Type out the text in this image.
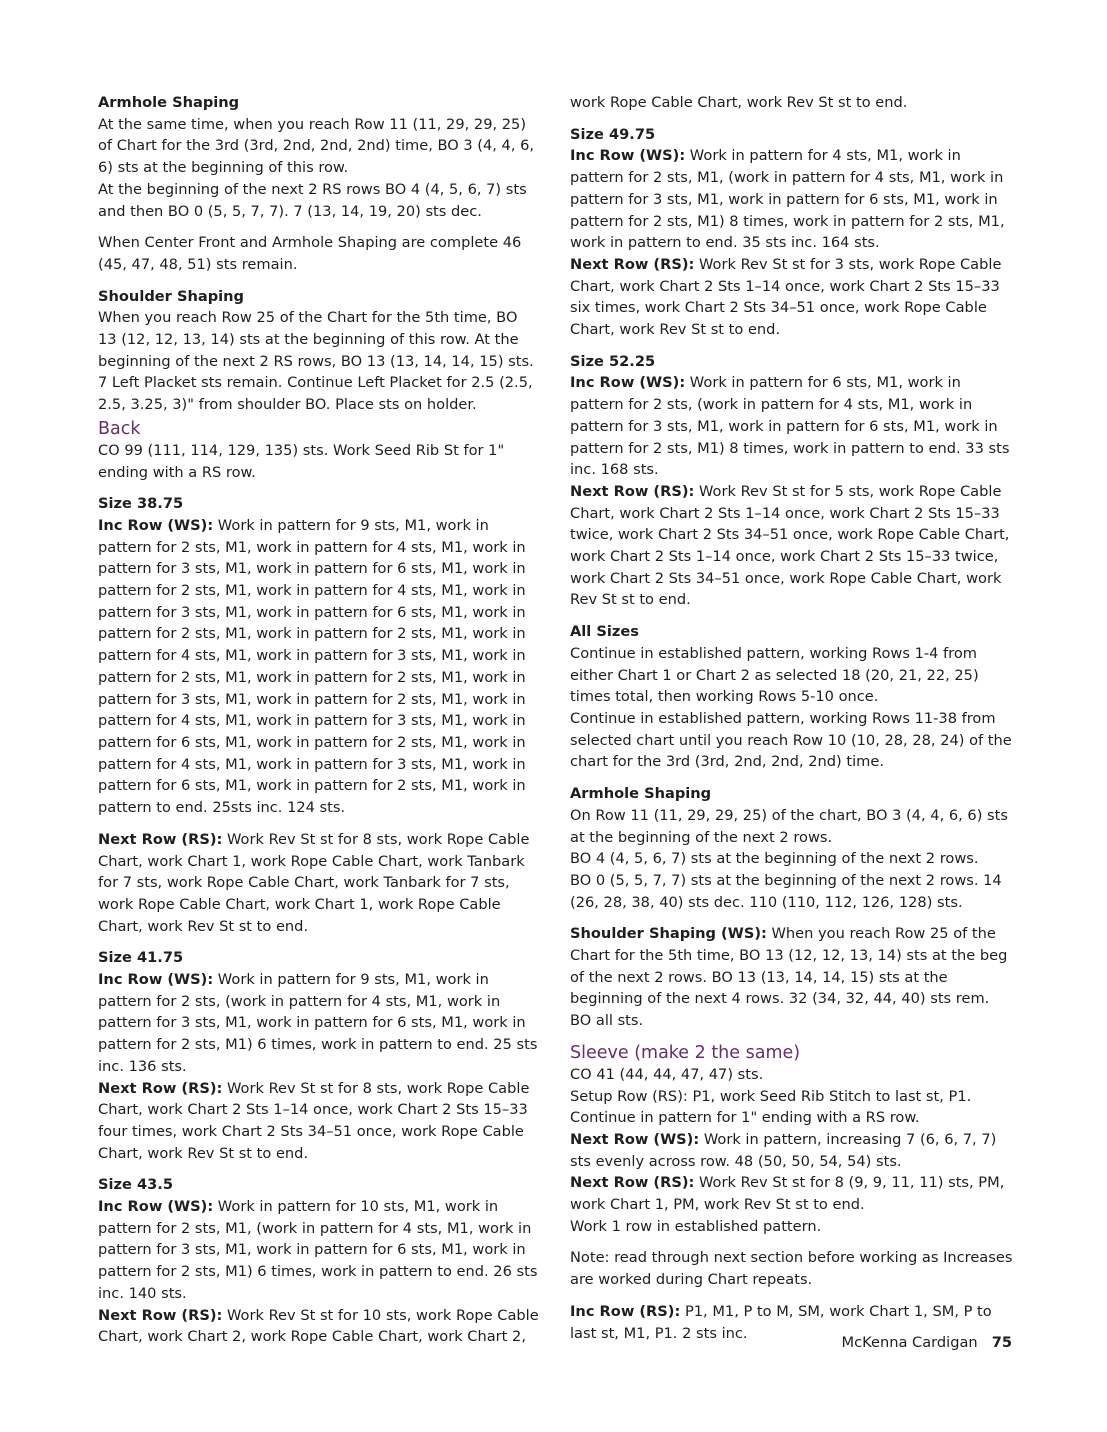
Armhole Shaping
At the same time, when you reach Row 11 (11, 29, 29, 25) of Chart for the 3rd (3rd, 2nd, 2nd, 2nd) time, BO 3 (4, 4, 6, 6) sts at the beginning of this row.
At the beginning of the next 2 RS rows BO 4 (4, 5, 6, 7) sts and then BO 0 (5, 5, 7, 7). 7 (13, 14, 19, 20) sts dec.
When Center Front and Armhole Shaping are complete 46 (45, 47, 48, 51) sts remain.
Shoulder Shaping
When you reach Row 25 of the Chart for the 5th time, BO 13 (12, 12, 13, 14) sts at the beginning of this row. At the beginning of the next 2 RS rows, BO 13 (13, 14, 14, 15) sts. 7 Left Placket sts remain. Continue Left Placket for 2.5 (2.5, 2.5, 3.25, 3)" from shoulder BO. Place sts on holder.
Back
CO 99 (111, 114, 129, 135) sts. Work Seed Rib St for 1" ending with a RS row.
Size 38.75
Inc Row (WS): Work in pattern for 9 sts, M1, work in pattern for 2 sts, M1, work in pattern for 4 sts, M1, work in pattern for 3 sts, M1, work in pattern for 6 sts, M1, work in pattern for 2 sts, M1, work in pattern for 4 sts, M1, work in pattern for 3 sts, M1, work in pattern for 6 sts, M1, work in pattern for 2 sts, M1, work in pattern for 2 sts, M1, work in pattern for 4 sts, M1, work in pattern for 3 sts, M1, work in pattern for 2 sts, M1, work in pattern for 2 sts, M1, work in pattern for 3 sts, M1, work in pattern for 2 sts, M1, work in pattern for 4 sts, M1, work in pattern for 3 sts, M1, work in pattern for 6 sts, M1, work in pattern for 2 sts, M1, work in pattern for 4 sts, M1, work in pattern for 3 sts, M1, work in pattern for 6 sts, M1, work in pattern for 2 sts, M1, work in pattern to end. 25sts inc. 124 sts.
Next Row (RS): Work Rev St st for 8 sts, work Rope Cable Chart, work Chart 1, work Rope Cable Chart, work Tanbark for 7 sts, work Rope Cable Chart, work Tanbark for 7 sts, work Rope Cable Chart, work Chart 1, work Rope Cable Chart, work Rev St st to end.
Size 41.75
Inc Row (WS): Work in pattern for 9 sts, M1, work in pattern for 2 sts, (work in pattern for 4 sts, M1, work in pattern for 3 sts, M1, work in pattern for 6 sts, M1, work in pattern for 2 sts, M1) 6 times, work in pattern to end. 25 sts inc. 136 sts.
Next Row (RS): Work Rev St st for 8 sts, work Rope Cable Chart, work Chart 2 Sts 1–14 once, work Chart 2 Sts 15–33 four times, work Chart 2 Sts 34–51 once, work Rope Cable Chart, work Rev St st to end.
Size 43.5
Inc Row (WS): Work in pattern for 10 sts, M1, work in pattern for 2 sts, M1, (work in pattern for 4 sts, M1, work in pattern for 3 sts, M1, work in pattern for 6 sts, M1, work in pattern for 2 sts, M1) 6 times, work in pattern to end. 26 sts inc. 140 sts.
Next Row (RS): Work Rev St st for 10 sts, work Rope Cable Chart, work Chart 2, work Rope Cable Chart, work Chart 2,
work Rope Cable Chart, work Rev St st to end.
Size 49.75
Inc Row (WS): Work in pattern for 4 sts, M1, work in pattern for 2 sts, M1, (work in pattern for 4 sts, M1, work in pattern for 3 sts, M1, work in pattern for 6 sts, M1, work in pattern for 2 sts, M1) 8 times, work in pattern for 2 sts, M1, work in pattern to end. 35 sts inc. 164 sts.
Next Row (RS): Work Rev St st for 3 sts, work Rope Cable Chart, work Chart 2 Sts 1–14 once, work Chart 2 Sts 15–33 six times, work Chart 2 Sts 34–51 once, work Rope Cable Chart, work Rev St st to end.
Size 52.25
Inc Row (WS): Work in pattern for 6 sts, M1, work in pattern for 2 sts, (work in pattern for 4 sts, M1, work in pattern for 3 sts, M1, work in pattern for 6 sts, M1, work in pattern for 2 sts, M1) 8 times, work in pattern to end. 33 sts inc. 168 sts.
Next Row (RS): Work Rev St st for 5 sts, work Rope Cable Chart, work Chart 2 Sts 1–14 once, work Chart 2 Sts 15–33 twice, work Chart 2 Sts 34–51 once, work Rope Cable Chart, work Chart 2 Sts 1–14 once, work Chart 2 Sts 15–33 twice, work Chart 2 Sts 34–51 once, work Rope Cable Chart, work Rev St st to end.
All Sizes
Continue in established pattern, working Rows 1-4 from either Chart 1 or Chart 2 as selected 18 (20, 21, 22, 25) times total, then working Rows 5-10 once.
Continue in established pattern, working Rows 11-38 from selected chart until you reach Row 10 (10, 28, 28, 24) of the chart for the 3rd (3rd, 2nd, 2nd, 2nd) time.
Armhole Shaping
On Row 11 (11, 29, 29, 25) of the chart, BO 3 (4, 4, 6, 6) sts at the beginning of the next 2 rows.
BO 4 (4, 5, 6, 7) sts at the beginning of the next 2 rows.
BO 0 (5, 5, 7, 7) sts at the beginning of the next 2 rows. 14 (26, 28, 38, 40) sts dec. 110 (110, 112, 126, 128) sts.
Shoulder Shaping (WS): When you reach Row 25 of the Chart for the 5th time, BO 13 (12, 12, 13, 14) sts at the beg of the next 2 rows. BO 13 (13, 14, 14, 15) sts at the beginning of the next 4 rows. 32 (34, 32, 44, 40) sts rem. BO all sts.
Sleeve (make 2 the same)
CO 41 (44, 44, 47, 47) sts.
Setup Row (RS): P1, work Seed Rib Stitch to last st, P1.
Continue in pattern for 1" ending with a RS row.
Next Row (WS): Work in pattern, increasing 7 (6, 6, 7, 7) sts evenly across row. 48 (50, 50, 54, 54) sts.
Next Row (RS): Work Rev St st for 8 (9, 9, 11, 11) sts, PM, work Chart 1, PM, work Rev St st to end.
Work 1 row in established pattern.
Note: read through next section before working as Increases are worked during Chart repeats.
Inc Row (RS): P1, M1, P to M, SM, work Chart 1, SM, P to last st, M1, P1. 2 sts inc.
McKenna Cardigan 75
